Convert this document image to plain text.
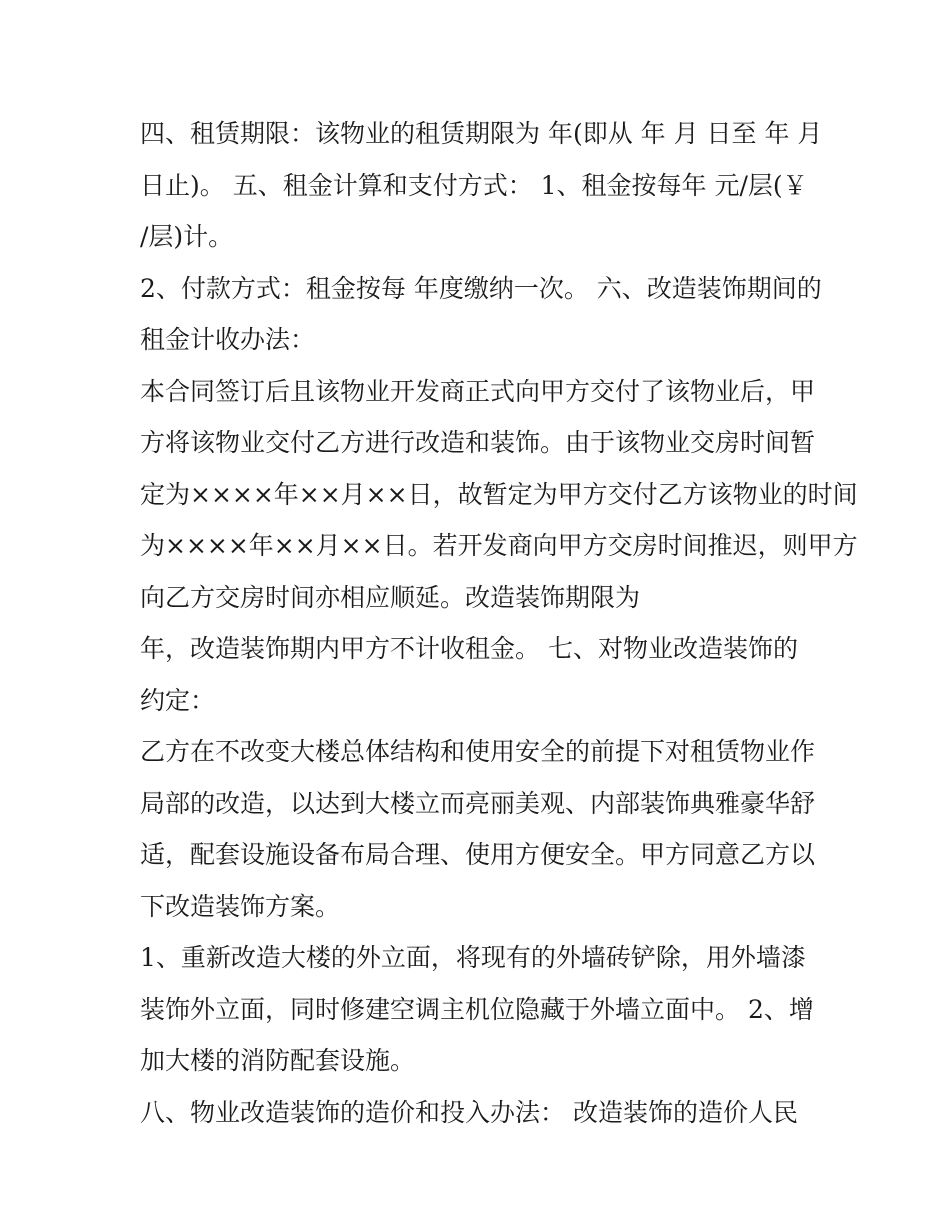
四、租赁期限：该物业的租赁期限为 年(即从 年 月 日至 年 月
日止)。 五、租金计算和支付方式： 1、租金按每年 元/层(￥
/层)计。
2、付款方式：租金按每 年度缴纳一次。 六、改造装饰期间的
租金计收办法：
本合同签订后且该物业开发商正式向甲方交付了该物业后，甲
方将该物业交付乙方进行改造和装饰。由于该物业交房时间暂
定为××××年××月××日，故暂定为甲方交付乙方该物业的时间
为××××年××月××日。若开发商向甲方交房时间推迟，则甲方
向乙方交房时间亦相应顺延。改造装饰期限为
年，改造装饰期内甲方不计收租金。 七、对物业改造装饰的
约定：
乙方在不改变大楼总体结构和使用安全的前提下对租赁物业作
局部的改造，以达到大楼立而亮丽美观、内部装饰典雅豪华舒
适，配套设施设备布局合理、使用方便安全。甲方同意乙方以
下改造装饰方案。
1、重新改造大楼的外立面，将现有的外墙砖铲除，用外墙漆
装饰外立面，同时修建空调主机位隐藏于外墙立面中。 2、增
加大楼的消防配套设施。
八、物业改造装饰的造价和投入办法： 改造装饰的造价人民
